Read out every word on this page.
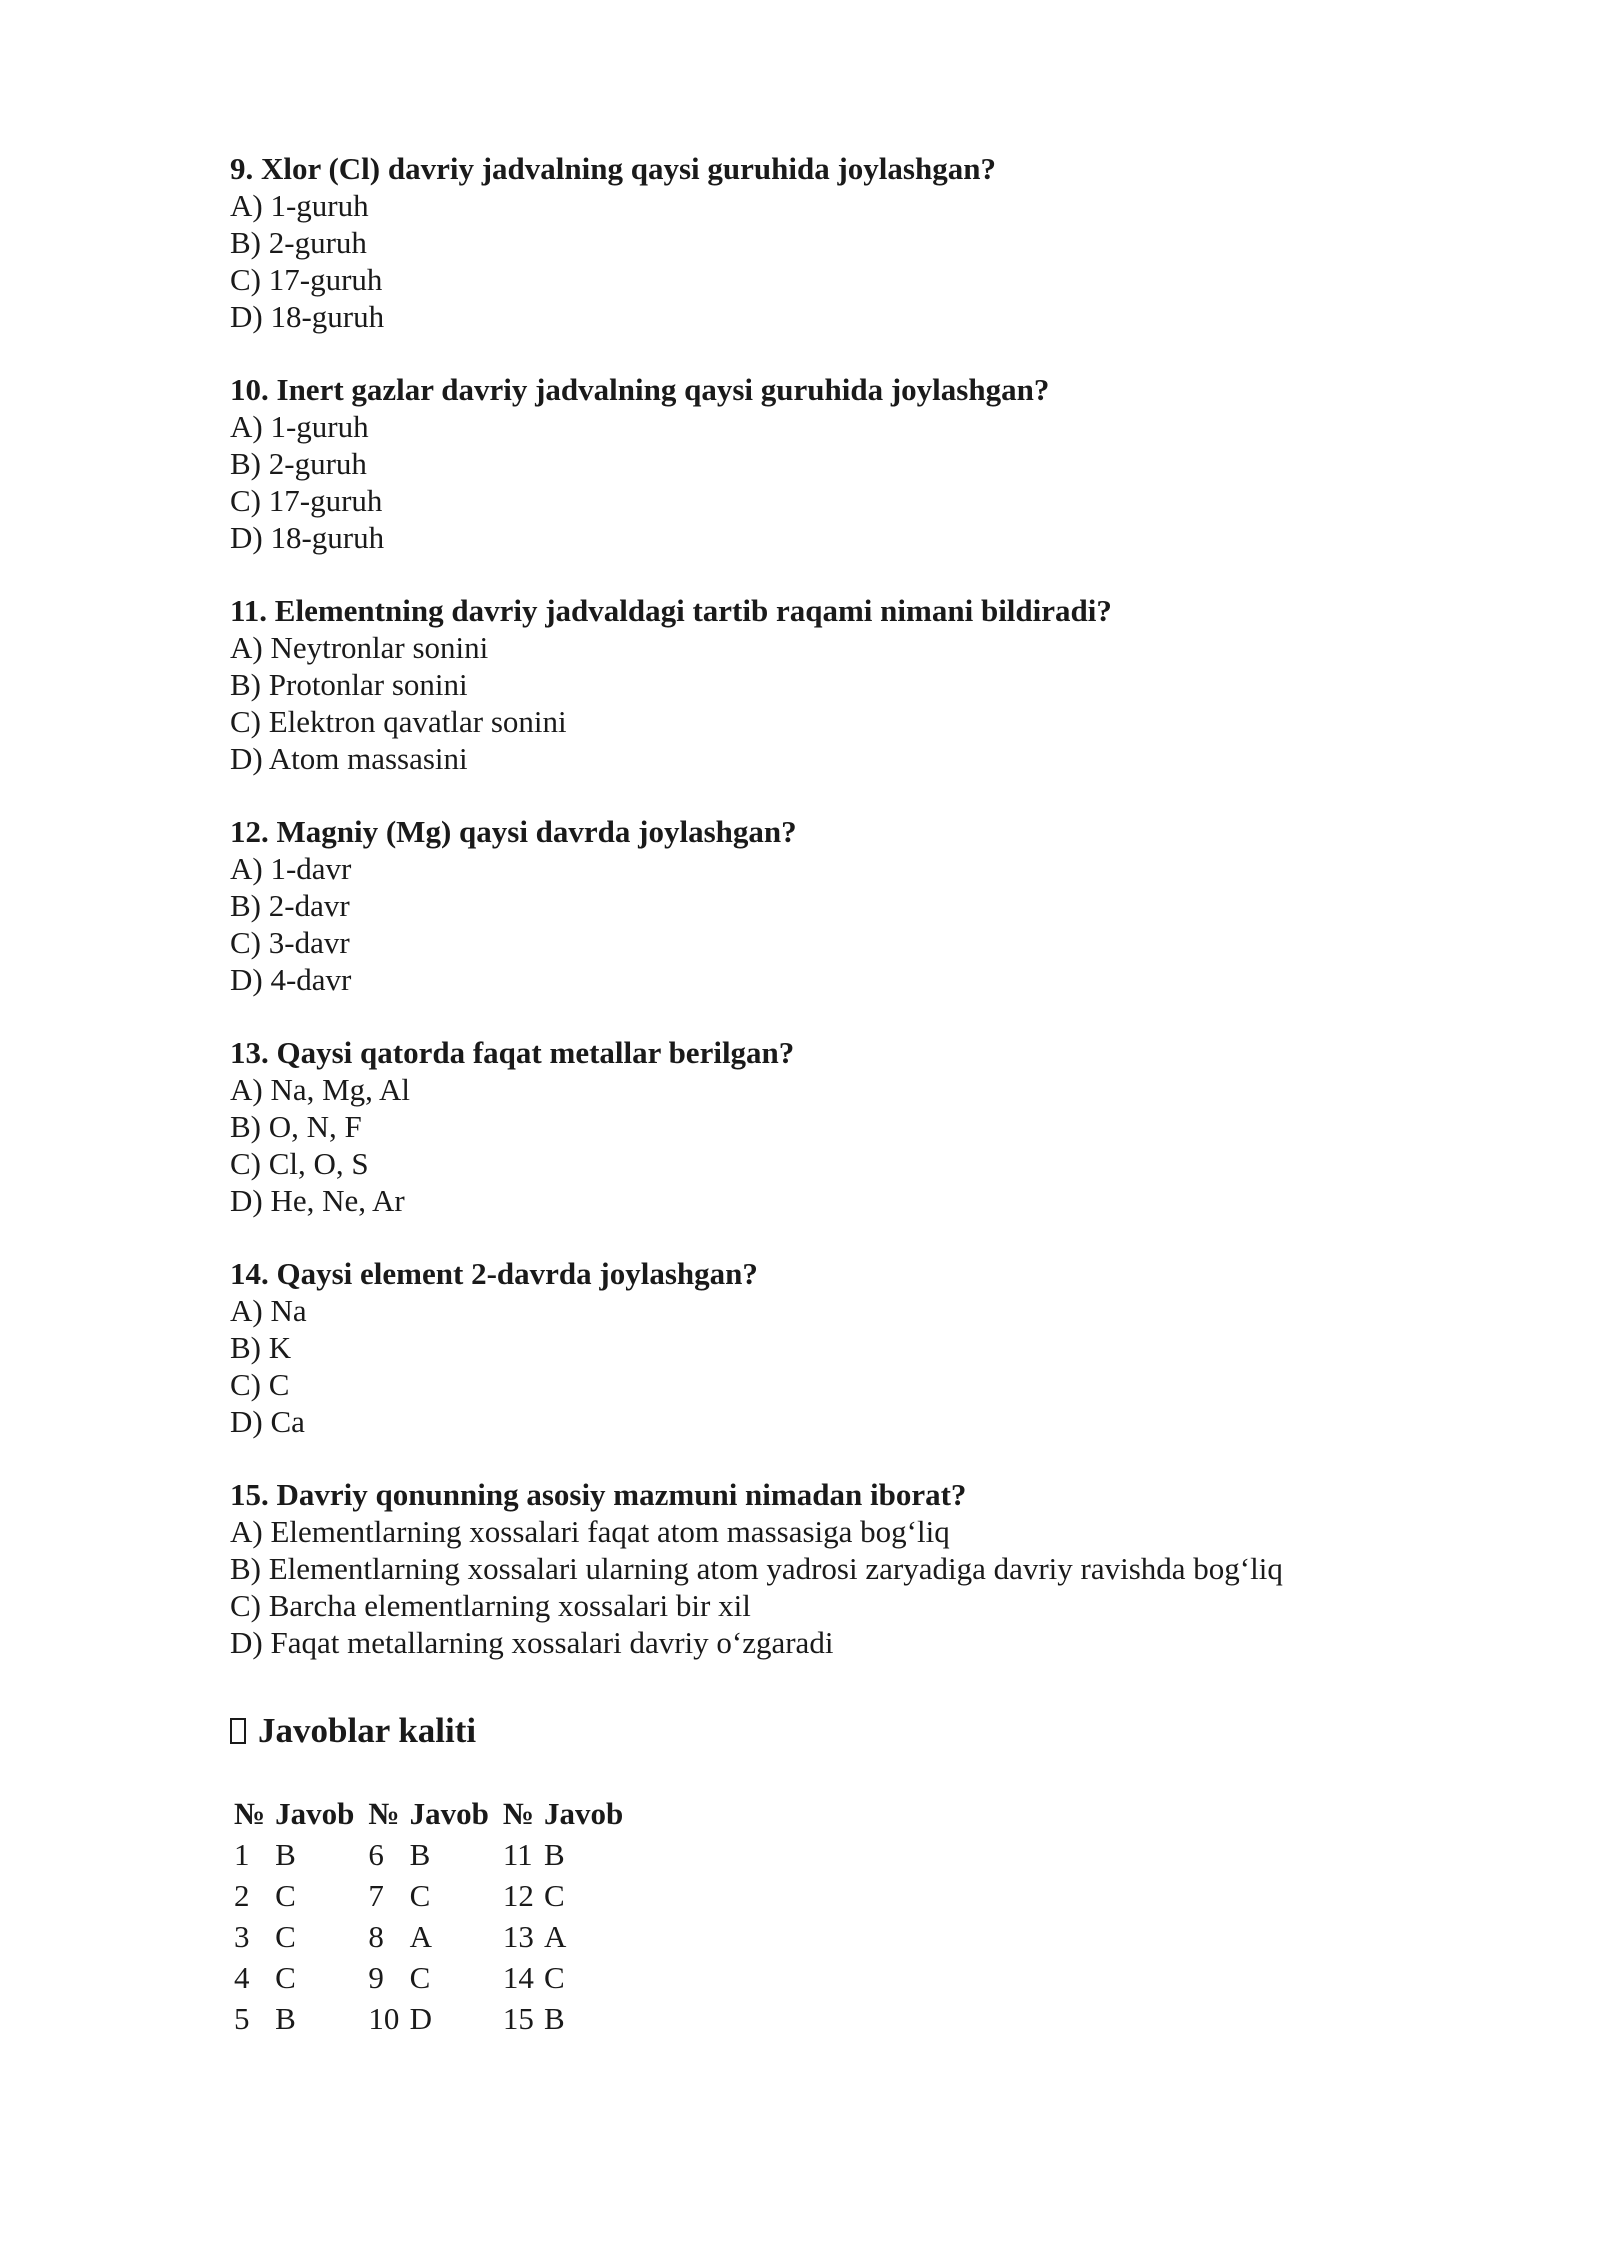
9. Xlor (Cl) davriy jadvalning qaysi guruhida joylashgan?

A) 1-guruh

B) 2-guruh

C) 17-guruh

D) 18-guruh

10. Inert gazlar davriy jadvalning qaysi guruhida joylashgan?

A) 1-guruh

B) 2-guruh

C) 17-guruh

D) 18-guruh

11. Elementning davriy jadvaldagi tartib raqami nimani bildiradi?

A) Neytronlar sonini

B) Protonlar sonini

C) Elektron qavatlar sonini

D) Atom massasini

12. Magniy (Mg) qaysi davrda joylashgan?

A) 1-davr

B) 2-davr

C) 3-davr

D) 4-davr

13. Qaysi qatorda faqat metallar berilgan?

A) Na, Mg, Al

B) O, N, F

C) Cl, O, S

D) He, Ne, Ar

14. Qaysi element 2-davrda joylashgan?

A) Na

B) K

C) C

D) Ca

15. Davriy qonunning asosiy mazmuni nimadan iborat?

A) Elementlarning xossalari faqat atom massasiga bog‘liq

B) Elementlarning xossalari ularning atom yadrosi zaryadiga davriy ravishda bog‘liq

C) Barcha elementlarning xossalari bir xil

D) Faqat metallarning xossalari davriy o‘zgaradi

Javoblar kaliti
№	Javob	№	Javob	№	Javob
1	B	6	B	11	B
2	C	7	C	12	C
3	C	8	A	13	A
4	C	9	C	14	C
5	B	10	D	15	B
